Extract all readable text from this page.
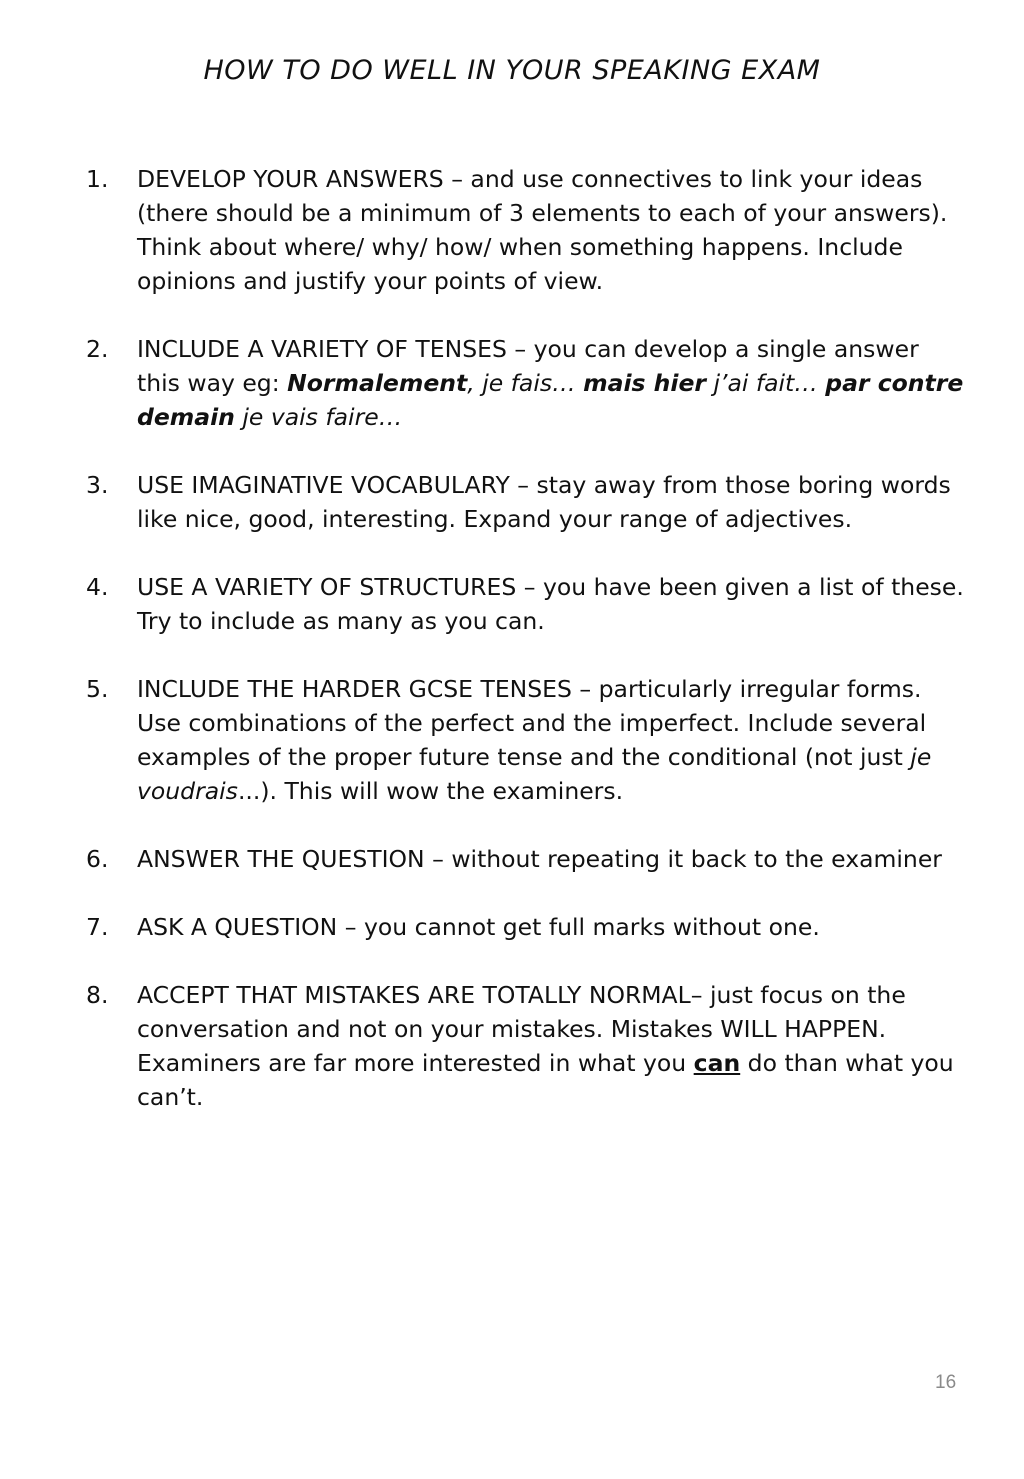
HOW TO DO WELL IN YOUR SPEAKING EXAM
1. DEVELOP YOUR ANSWERS – and use connectives to link your ideas (there should be a minimum of 3 elements to each of your answers). Think about where/ why/ how/ when something happens. Include opinions and justify your points of view.
2. INCLUDE A VARIETY OF TENSES – you can develop a single answer this way eg: Normalement, je fais… mais hier j’ai fait… par contre demain je vais faire…
3. USE IMAGINATIVE VOCABULARY – stay away from those boring words like nice, good, interesting. Expand your range of adjectives.
4. USE A VARIETY OF STRUCTURES – you have been given a list of these. Try to include as many as you can.
5. INCLUDE THE HARDER GCSE TENSES – particularly irregular forms. Use combinations of the perfect and the imperfect. Include several examples of the proper future tense and the conditional (not just je voudrais...). This will wow the examiners.
6. ANSWER THE QUESTION – without repeating it back to the examiner
7. ASK A QUESTION – you cannot get full marks without one.
8. ACCEPT THAT MISTAKES ARE TOTALLY NORMAL– just focus on the conversation and not on your mistakes. Mistakes WILL HAPPEN. Examiners are far more interested in what you can do than what you can’t.
16
